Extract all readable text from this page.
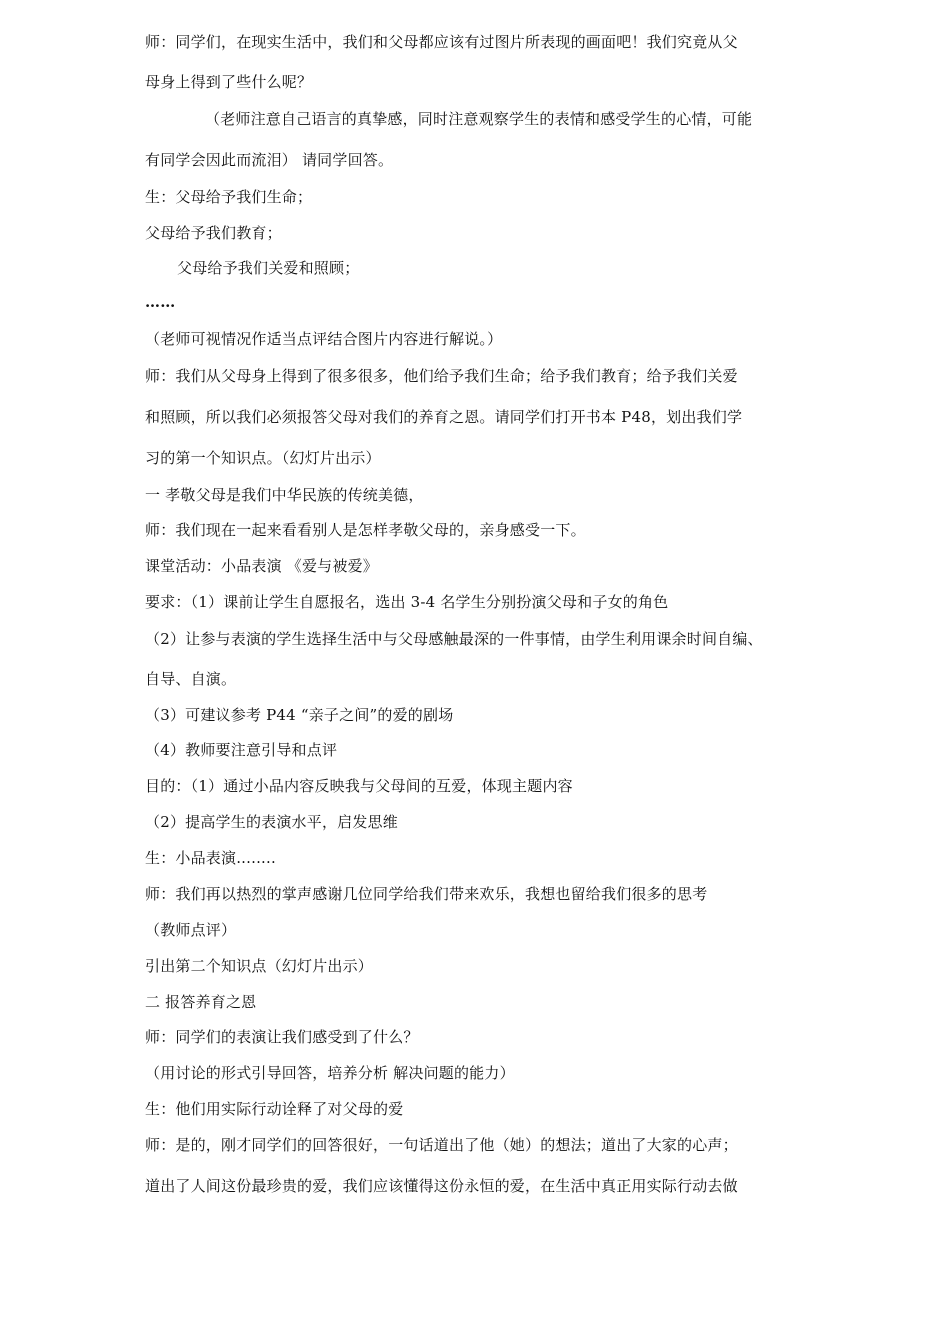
师：同学们，在现实生活中，我们和父母都应该有过图片所表现的画面吧！我们究竟从父
母身上得到了些什么呢？
（老师注意自己语言的真挚感，同时注意观察学生的表情和感受学生的心情，可能
有同学会因此而流泪） 请同学回答。
生：父母给予我们生命；
父母给予我们教育；
父母给予我们关爱和照顾；
……
（老师可视情况作适当点评结合图片内容进行解说。）
师：我们从父母身上得到了很多很多，他们给予我们生命；给予我们教育；给予我们关爱
和照顾，所以我们必须报答父母对我们的养育之恩。请同学们打开书本 P48，划出我们学
习的第一个知识点。（幻灯片出示）
一 孝敬父母是我们中华民族的传统美德，
师：我们现在一起来看看别人是怎样孝敬父母的，亲身感受一下。
课堂活动：小品表演 《爱与被爱》
要求：（1）课前让学生自愿报名，选出 3-4 名学生分别扮演父母和子女的角色
（2）让参与表演的学生选择生活中与父母感触最深的一件事情，由学生利用课余时间自编、
自导、自演。
（3）可建议参考 P44 “亲子之间”的爱的剧场
（4）教师要注意引导和点评
目的：（1）通过小品内容反映我与父母间的互爱，体现主题内容
（2）提高学生的表演水平，启发思维
生：小品表演........
师：我们再以热烈的掌声感谢几位同学给我们带来欢乐，我想也留给我们很多的思考
（教师点评）
引出第二个知识点（幻灯片出示）
二 报答养育之恩
师：同学们的表演让我们感受到了什么？
（用讨论的形式引导回答，培养分析 解决问题的能力）
生：他们用实际行动诠释了对父母的爱
师：是的，刚才同学们的回答很好，一句话道出了他（她）的想法；道出了大家的心声；
道出了人间这份最珍贵的爱，我们应该懂得这份永恒的爱，在生活中真正用实际行动去做
